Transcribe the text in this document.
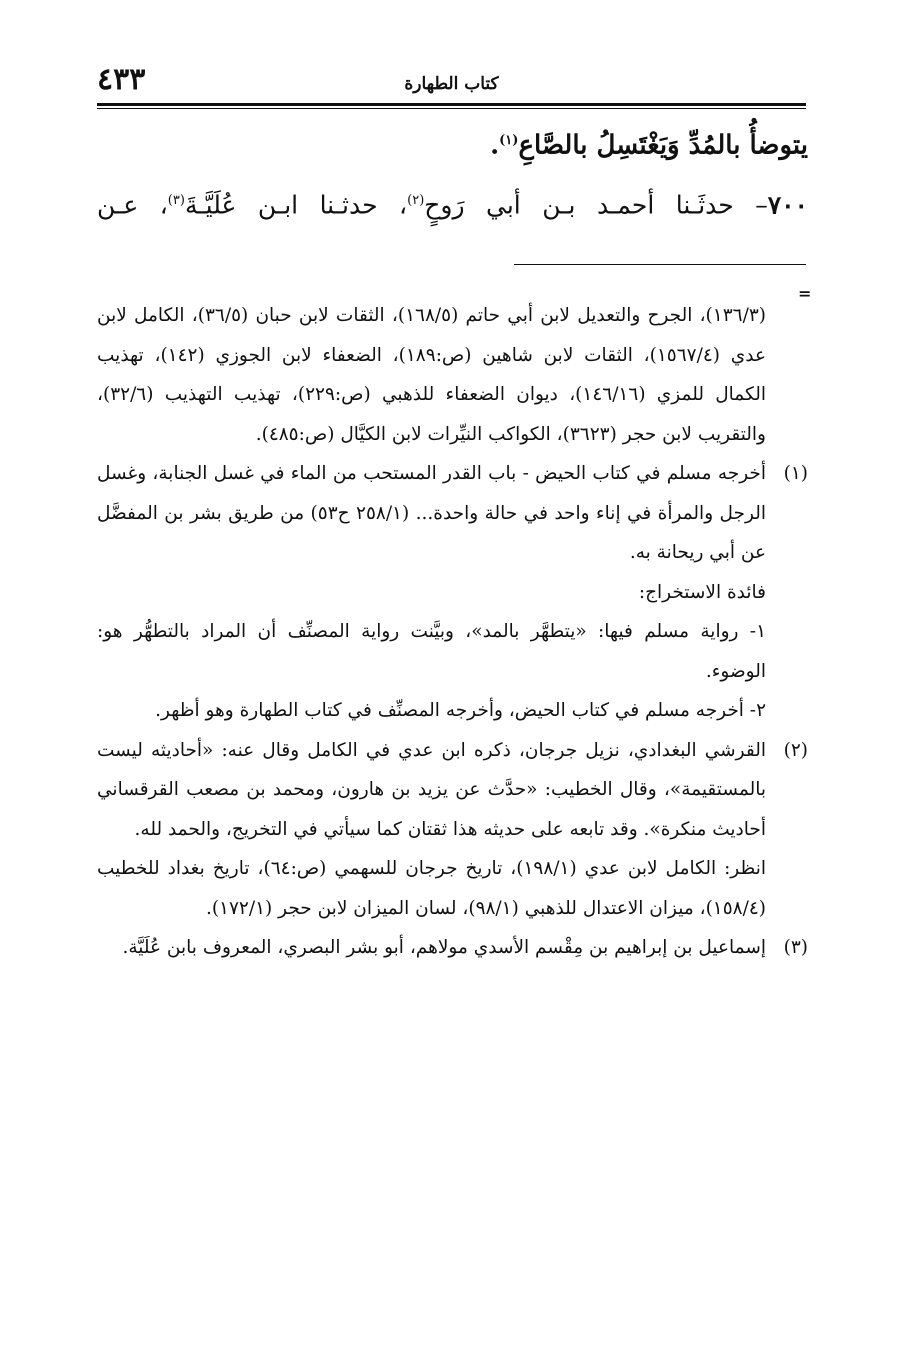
٤٣٣	كتاب الطهارة

يتوضأُ بالمُدِّ وَيَغْتَسِلُ بالصَّاعِ$^{(١)}$.

٧٠٠– حدثَـنا أحمـد بـن أبي رَوحٍ$^{(٢)}$، حدثـنا ابـن عُلَيَّـةَ$^{(٣)}$، عـن

=

(١٣٦/٣)، الجرح والتعديل لابن أبي حاتم (١٦٨/٥)، الثقات لابن حبان (٣٦/٥)، الكامل لابن عدي (١٥٦٧/٤)، الثقات لابن شاهين (ص:١٨٩)، الضعفاء لابن الجوزي (١٤٢)، تهذيب الكمال للمزي (١٤٦/١٦)، ديوان الضعفاء للذهبي (ص:٢٢٩)، تهذيب التهذيب (٣٢/٦)، والتقريب لابن حجر (٣٦٢٣)، الكواكب النيِّرات لابن الكيَّال (ص:٤٨٥).

(١)أخرجه مسلم في كتاب الحيض - باب القدر المستحب من الماء في غسل الجنابة، وغسل الرجل والمرأة في إناء واحد في حالة واحدة... (٢٥٨/١ ح٥٣) من طريق بشر بن المفضَّل عن أبي ريحانة به.

فائدة الاستخراج:

١- رواية مسلم فيها: «يتطهَّر بالمد»، وبيَّنت رواية المصنِّف أن المراد بالتطهُّر هو: الوضوء.

٢- أخرجه مسلم في كتاب الحيض، وأخرجه المصنِّف في كتاب الطهارة وهو أظهر.

(٢)القرشي البغدادي، نزيل جرجان، ذكره ابن عدي في الكامل وقال عنه: «أحاديثه ليست بالمستقيمة»، وقال الخطيب: «حدَّث عن يزيد بن هارون، ومحمد بن مصعب القرقساني أحاديث منكرة». وقد تابعه على حديثه هذا ثقتان كما سيأتي في التخريج، والحمد لله.

انظر: الكامل لابن عدي (١٩٨/١)، تاريخ جرجان للسهمي (ص:٦٤)، تاريخ بغداد للخطيب (١٥٨/٤)، ميزان الاعتدال للذهبي (٩٨/١)، لسان الميزان لابن حجر (١٧٢/١).

(٣)إسماعيل بن إبراهيم بن مِقْسم الأسدي مولاهم، أبو بشر البصري، المعروف بابن عُلَيَّة.
